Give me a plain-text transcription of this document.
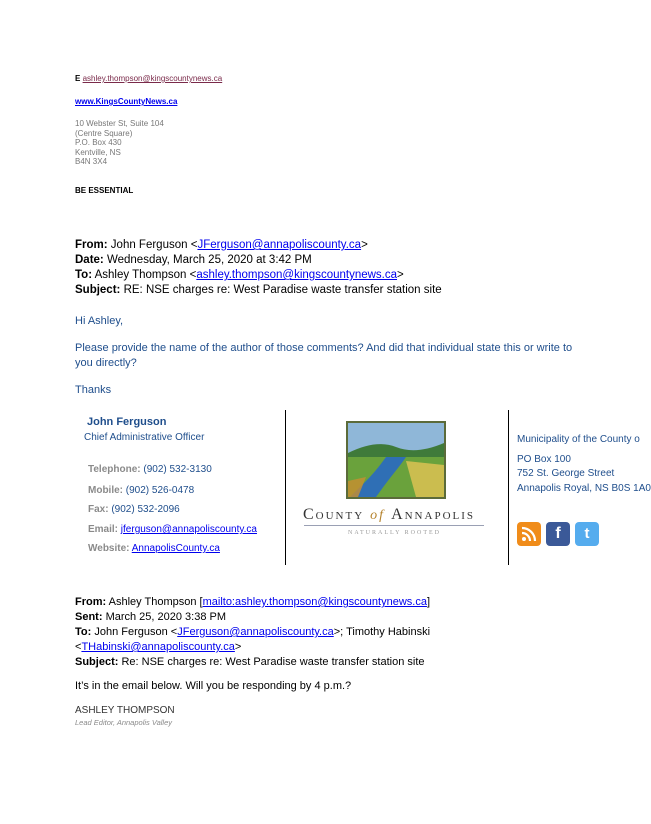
E ashley.thompson@kingscountynews.ca
www.KingsCountyNews.ca
10 Webster St, Suite 104
(Centre Square)
P.O. Box 430
Kentville, NS
B4N 3X4
BE ESSENTIAL
From: John Ferguson <JFerguson@annapoliscounty.ca>
Date: Wednesday, March 25, 2020 at 3:42 PM
To: Ashley Thompson <ashley.thompson@kingscountynews.ca>
Subject: RE: NSE charges re: West Paradise waste transfer station site
Hi Ashley,
Please provide the name of the author of those comments? And did that individual state this or write to
you directly?
Thanks
John Ferguson
Chief Administrative Officer
Telephone: (902) 532-3130
Mobile: (902) 526-0478
Fax: (902) 532-2096
Email: jferguson@annapoliscounty.ca
Website: AnnapolisCounty.ca
County of Annapolis
NATURALLY ROOTED
Municipality of the County o
PO Box 100
752 St. George Street
Annapolis Royal, NS B0S 1A0
f	t
From: Ashley Thompson [mailto:ashley.thompson@kingscountynews.ca]
Sent: March 25, 2020 3:38 PM
To: John Ferguson <JFerguson@annapoliscounty.ca>; Timothy Habinski
<THabinski@annapoliscounty.ca>
Subject: Re: NSE charges re: West Paradise waste transfer station site
It’s in the email below. Will you be responding by 4 p.m.?
ASHLEY THOMPSON
Lead Editor, Annapolis Valley
